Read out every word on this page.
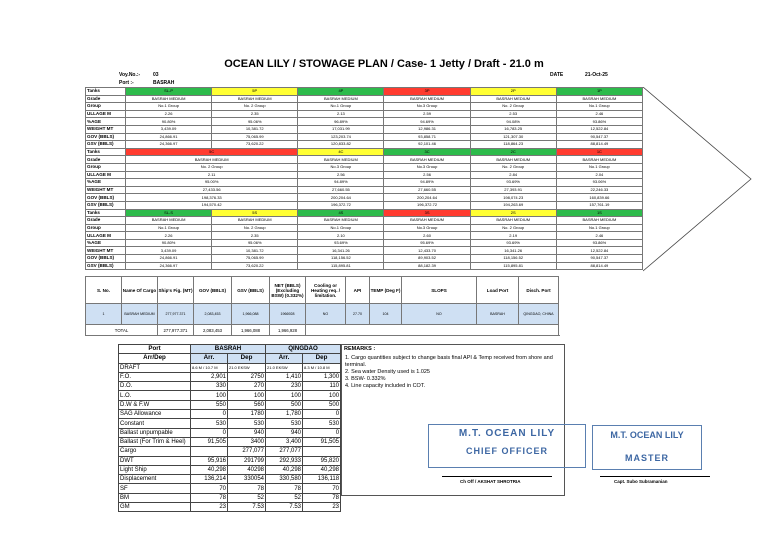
OCEAN LILY / STOWAGE PLAN / Case- 1 Jetty / Draft - 21.0 m
Voy.No.:-	03
Port :-	BASRAH
DATE	21-Oct-25
Tanks	SL-P	5P	4P	3P	2P	1P
Grade	BASRAH MEDIUM	BASRAH MEDIUM	BASRAH MEDIUM	BASRAH MEDIUM	BASRAH MEDIUM	BASRAH MEDIUM
Group	No.1 Group	No. 2 Group	No.1 Group	No.3 Group	No. 2 Group	No.1 Group
ULLAGE M	2.26	2.35	2.13	2.59	2.53	2.46
%AGE	90.80%	95.06%	96.89%	94.69%	94.08%	93.86%
WEIGHT MT	3,439.09	10,381.72	17,031.99	12,986.31	16,783.25	12,522.84
GOV (BBLS)	24,866.91	75,065.99	123,203.74	93,858.71	121,307.30	90,547.37
GSV (BBLS)	24,366.97	73,620.22	120,833.82	92,101.46	118,864.23	88,814.49
Tanks	5C		4C	3C	2C	1C
Grade	BASRAH MEDIUM		BASRAH MEDIUM	BASRAH MEDIUM	BASRAH MEDIUM	BASRAH MEDIUM
Group	No. 2 Group		No.3 Group	No.3 Group	No. 2 Group	No.1 Group
ULLAGE M	2.11		2.56	2.56	2.84	2.04
%AGE	95.00%		94.89%	94.89%	93.69%	93.06%
WEIGHT MT	27,433.56		27,660.55	27,660.55	27,393.91	22,246.33
GOV (BBLS)	198,376.33		200,204.64	200,204.64	198,074.23	160,839.66
GSV (BBLS)	194,570.42		196,372.72	196,372.72	194,263.69	157,761.19
Tanks	SL-S	5S	4S	3S	2S	1S
Grade	BASRAH MEDIUM	BASRAH MEDIUM	BASRAH MEDIUM	BASRAH MEDIUM	BASRAH MEDIUM	BASRAH MEDIUM
Group	No.1 Group	No. 2 Group	No.1 Group	No.3 Group	No. 2 Group	No.1 Group
ULLAGE M	2.26	2.35	2.10	2.60	2.19	2.46
%AGE	90.80%	95.06%	93.69%	95.69%	93.69%	93.86%
WEIGHT MT	3,439.09	10,381.72	16,341.26	12,433.70	16,341.26	12,522.84
GOV (BBLS)	24,866.91	75,065.99	118,156.52	89,903.52	118,156.52	90,547.37
GSV (BBLS)	24,366.97	73,620.22	115,895.81	88,182.39	115,895.81	88,814.49
S. No.	Name Of Cargo	Ship's Fig. (MT)	GOV (BBLS)	GSV (BBLS)	NET (BBLS) (Excluding BSW) (0.332%)	Cooling or Heating req. / limitation.	API	TEMP (Deg F)	SLOPS	Load Port	Disch. Port
1	BASRAH MEDIUM	277,977.371	2,083,453	1,966,088	1966928	NO	27.70	104	NO	BASRAH	QINGDAO, CHINA
TOTAL		277,977.371	2,083,453	1,966,088	1,966,928						
Port	BASRAH		QINGDAO	
Arr/Dep	Arr.	Dep	Arr.	Dep
DRAFT	8.6 M / 10.7 M	21.0 EKSW	21.0 EKSW	8.3 M / 10.8 M
F.O.	2,901	2750	1,410	1,300
D.O.	330	270	230	110
L.O.	100	100	100	100
D.W & F.W	550	560	500	500
SAG Allowance	0	1780	1,780	0
Constant	530	530	530	530
Ballast unpumpable	0	940	940	0
Ballast (For Trim & Heel)	91,505	3400	3,400	91,505
Cargo		277,077	277,077	
DWT	95,916	291799	292,933	95,820
Light Ship	40,298	40298	40,298	40,298
Displacement	136,214	330054	330,580	136,118
SF	70	78	78	70
BM	78	52	52	78
GM	23	7.53	7.53	23
REMARKS :
1. Cargo quantities subject to change basis final API & Temp received from shore and terminal.
2. Sea water Density used is 1.025
3. BSW- 0.332%
4. Line capacity included in COT.
M.T. OCEAN LILY
CHIEF OFFICER
Ch Off / AKSHAT SHROTRIA
M.T. OCEAN LILY
MASTER
Capt. Subo Subramanian
